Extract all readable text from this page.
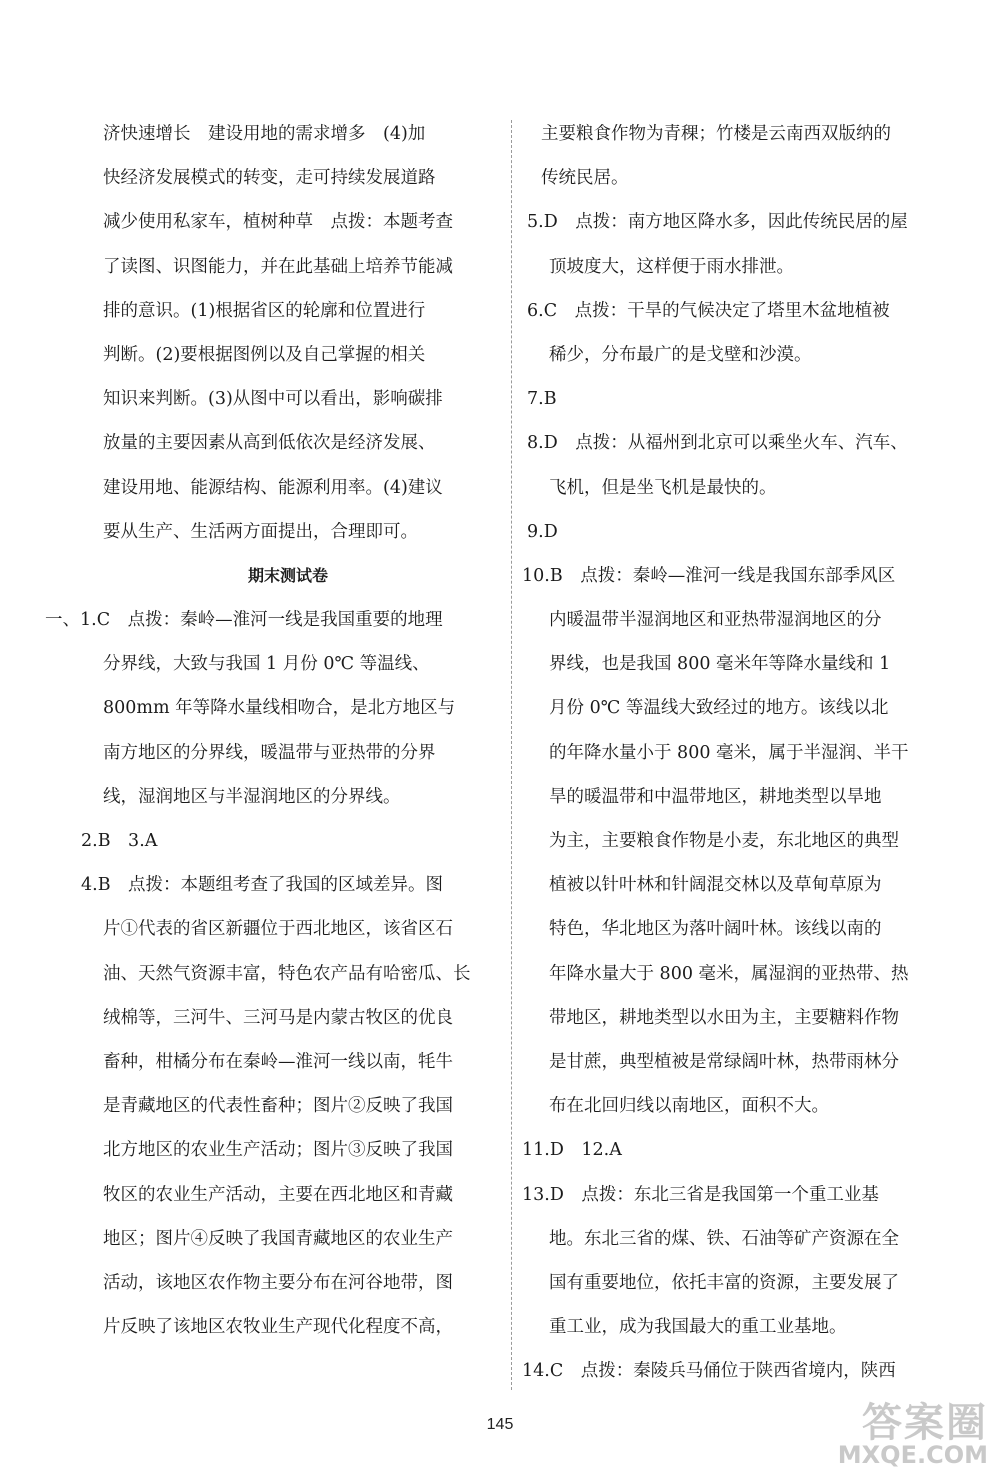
济快速增长　建设用地的需求增多　(4)加
快经济发展模式的转变，走可持续发展道路
减少使用私家车，植树种草　点拨：本题考查
了读图、识图能力，并在此基础上培养节能减
排的意识。(1)根据省区的轮廓和位置进行
判断。(2)要根据图例以及自己掌握的相关
知识来判断。(3)从图中可以看出，影响碳排
放量的主要因素从高到低依次是经济发展、
建设用地、能源结构、能源利用率。(4)建议
要从生产、生活两方面提出，合理即可。
期末测试卷
一、1.C　点拨：秦岭—淮河一线是我国重要的地理
分界线，大致与我国 1 月份 0℃ 等温线、
800mm 年等降水量线相吻合，是北方地区与
南方地区的分界线，暖温带与亚热带的分界
线，湿润地区与半湿润地区的分界线。
2.B　3.A
4.B　点拨：本题组考查了我国的区域差异。图
片①代表的省区新疆位于西北地区，该省区石
油、天然气资源丰富，特色农产品有哈密瓜、长
绒棉等，三河牛、三河马是内蒙古牧区的优良
畜种，柑橘分布在秦岭—淮河一线以南，牦牛
是青藏地区的代表性畜种；图片②反映了我国
北方地区的农业生产活动；图片③反映了我国
牧区的农业生产活动，主要在西北地区和青藏
地区；图片④反映了我国青藏地区的农业生产
活动，该地区农作物主要分布在河谷地带，图
片反映了该地区农牧业生产现代化程度不高，
主要粮食作物为青稞；竹楼是云南西双版纳的
传统民居。
5.D　点拨：南方地区降水多，因此传统民居的屋
顶坡度大，这样便于雨水排泄。
6.C　点拨：干旱的气候决定了塔里木盆地植被
稀少，分布最广的是戈壁和沙漠。
7.B
8.D　点拨：从福州到北京可以乘坐火车、汽车、
飞机，但是坐飞机是最快的。
9.D
10.B　点拨：秦岭—淮河一线是我国东部季风区
内暖温带半湿润地区和亚热带湿润地区的分
界线，也是我国 800 毫米年等降水量线和 1
月份 0℃ 等温线大致经过的地方。该线以北
的年降水量小于 800 毫米，属于半湿润、半干
旱的暖温带和中温带地区，耕地类型以旱地
为主，主要粮食作物是小麦，东北地区的典型
植被以针叶林和针阔混交林以及草甸草原为
特色，华北地区为落叶阔叶林。该线以南的
年降水量大于 800 毫米，属湿润的亚热带、热
带地区，耕地类型以水田为主，主要糖料作物
是甘蔗，典型植被是常绿阔叶林，热带雨林分
布在北回归线以南地区，面积不大。
11.D　12.A
13.D　点拨：东北三省是我国第一个重工业基
地。东北三省的煤、铁、石油等矿产资源在全
国有重要地位，依托丰富的资源，主要发展了
重工业，成为我国最大的重工业基地。
14.C　点拨：秦陵兵马俑位于陕西省境内，陕西
145	答案圈
MXQE.COM
